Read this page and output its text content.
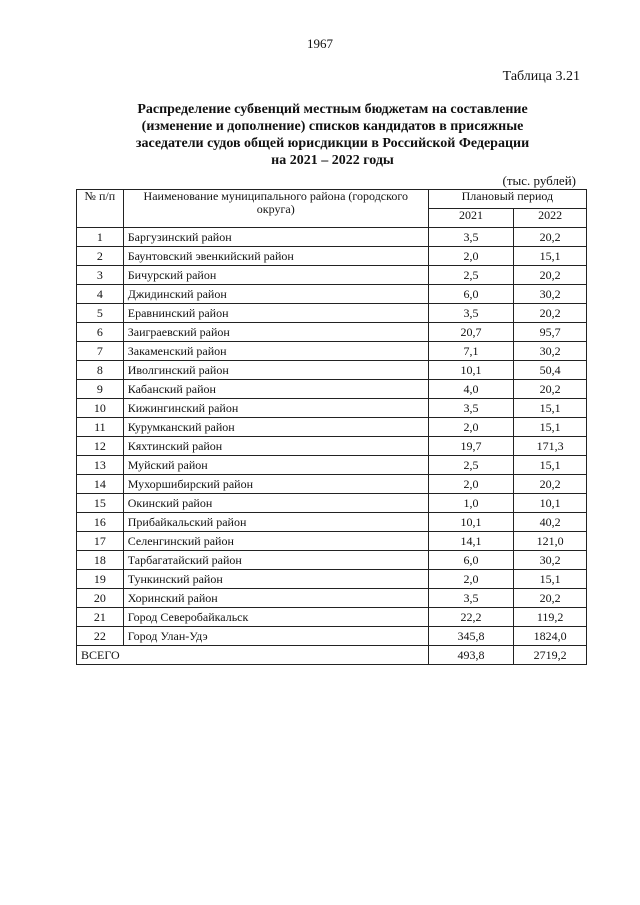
1967
Таблица 3.21
Распределение субвенций местным бюджетам на составление
(изменение и дополнение) списков кандидатов в присяжные
заседатели судов общей юрисдикции в Российской Федерации
на 2021 – 2022 годы
(тыс. рублей)
№ п/п	Наименование муниципального района (городского округа)	Плановый период	
		2021	2022
1	Баргузинский район	3,5	20,2
2	Баунтовский эвенкийский район	2,0	15,1
3	Бичурский район	2,5	20,2
4	Джидинский район	6,0	30,2
5	Еравнинский район	3,5	20,2
6	Заиграевский район	20,7	95,7
7	Закаменский район	7,1	30,2
8	Иволгинский район	10,1	50,4
9	Кабанский район	4,0	20,2
10	Кижингинский район	3,5	15,1
11	Курумканский район	2,0	15,1
12	Кяхтинский район	19,7	171,3
13	Муйский район	2,5	15,1
14	Мухоршибирский район	2,0	20,2
15	Окинский район	1,0	10,1
16	Прибайкальский район	10,1	40,2
17	Селенгинский район	14,1	121,0
18	Тарбагатайский район	6,0	30,2
19	Тункинский район	2,0	15,1
20	Хоринский район	3,5	20,2
21	Город Северобайкальск	22,2	119,2
22	Город Улан-Удэ	345,8	1824,0
ВСЕГО		493,8	2719,2
